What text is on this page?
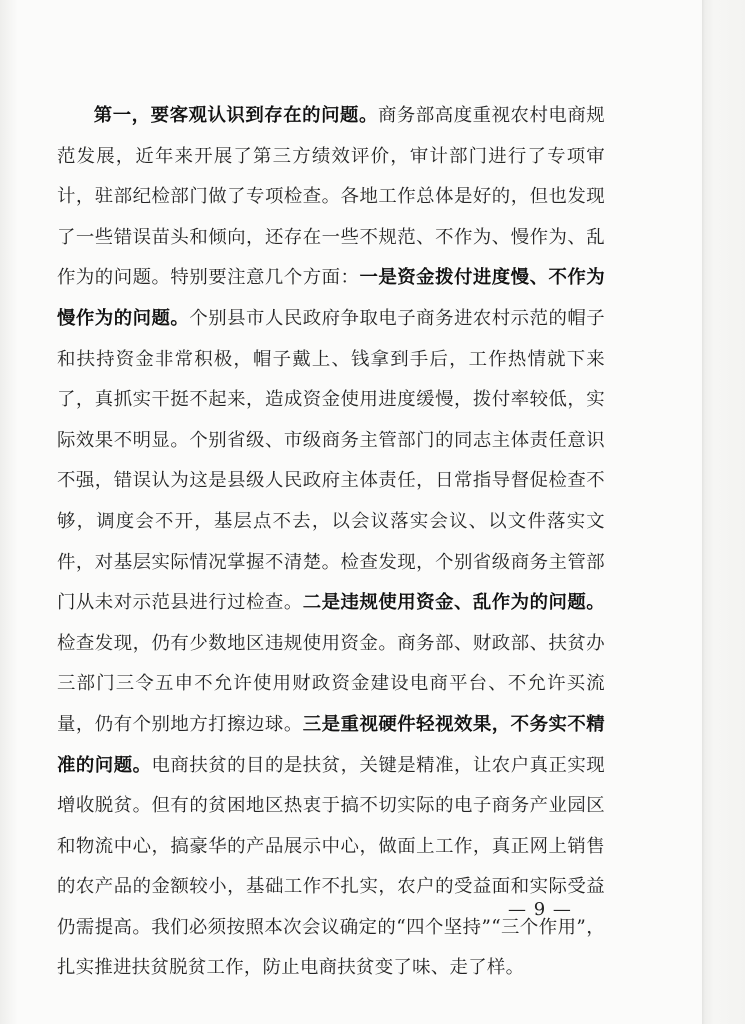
第一，要客观认识到存在的问题。商务部高度重视农村电商规范发展，近年来开展了第三方绩效评价，审计部门进行了专项审计，驻部纪检部门做了专项检查。各地工作总体是好的，但也发现了一些错误苗头和倾向，还存在一些不规范、不作为、慢作为、乱作为的问题。特别要注意几个方面：一是资金拨付进度慢、不作为慢作为的问题。个别县市人民政府争取电子商务进农村示范的帽子和扶持资金非常积极，帽子戴上、钱拿到手后，工作热情就下来了，真抓实干挺不起来，造成资金使用进度缓慢，拨付率较低，实际效果不明显。个别省级、市级商务主管部门的同志主体责任意识不强，错误认为这是县级人民政府主体责任，日常指导督促检查不够，调度会不开，基层点不去，以会议落实会议、以文件落实文件，对基层实际情况掌握不清楚。检查发现，个别省级商务主管部门从未对示范县进行过检查。二是违规使用资金、乱作为的问题。检查发现，仍有少数地区违规使用资金。商务部、财政部、扶贫办三部门三令五申不允许使用财政资金建设电商平台、不允许买流量，仍有个别地方打擦边球。三是重视硬件轻视效果，不务实不精准的问题。电商扶贫的目的是扶贫，关键是精准，让农户真正实现增收脱贫。但有的贫困地区热衷于搞不切实际的电子商务产业园区和物流中心，搞豪华的产品展示中心，做面上工作，真正网上销售的农产品的金额较小，基础工作不扎实，农户的受益面和实际受益仍需提高。我们必须按照本次会议确定的“四个坚持”“三个作用”，扎实推进扶贫脱贫工作，防止电商扶贫变了味、走了样。

— 9 —
